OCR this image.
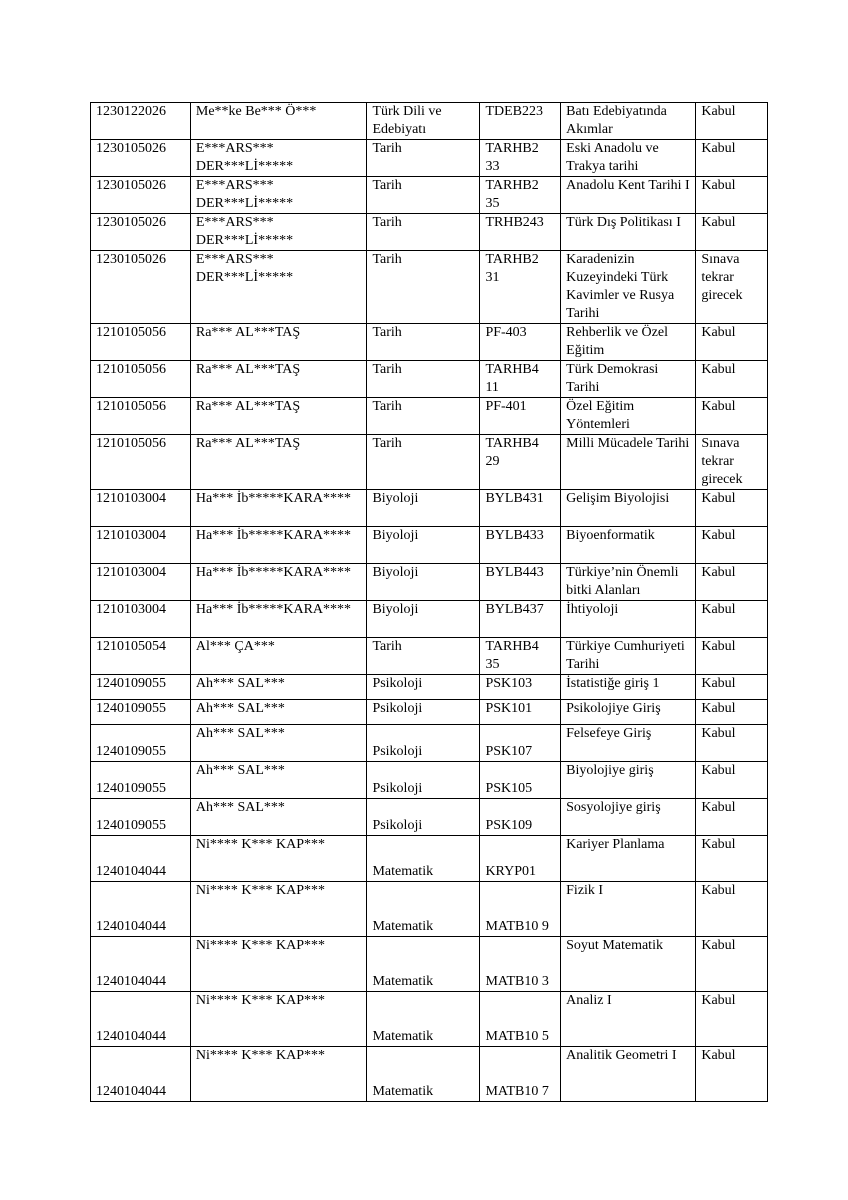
1230122026	Me**ke Be*** Ö***	Türk Dili ve Edebiyatı	TDEB223	Batı Edebiyatında Akımlar	Kabul
1230105026	E***ARS*** DER***Lİ*****	Tarih	TARHB2 33	Eski Anadolu ve Trakya tarihi	Kabul
1230105026	E***ARS*** DER***Lİ*****	Tarih	TARHB2 35	Anadolu Kent Tarihi I	Kabul
1230105026	E***ARS*** DER***Lİ*****	Tarih	TRHB243	Türk Dış Politikası I	Kabul
1230105026	E***ARS*** DER***Lİ*****	Tarih	TARHB2 31	Karadenizin Kuzeyindeki Türk Kavimler ve Rusya Tarihi	Sınava tekrar girecek
1210105056	Ra*** AL***TAŞ	Tarih	PF-403	Rehberlik ve Özel Eğitim	Kabul
1210105056	Ra*** AL***TAŞ	Tarih	TARHB4 11	Türk Demokrasi Tarihi	Kabul
1210105056	Ra*** AL***TAŞ	Tarih	PF-401	Özel Eğitim Yöntemleri	Kabul
1210105056	Ra*** AL***TAŞ	Tarih	TARHB4 29	Milli Mücadele Tarihi	Sınava tekrar girecek
1210103004	Ha*** İb*****KARA****	Biyoloji	BYLB431	Gelişim Biyolojisi	Kabul
1210103004	Ha*** İb*****KARA****	Biyoloji	BYLB433	Biyoenformatik	Kabul
1210103004	Ha*** İb*****KARA****	Biyoloji	BYLB443	Türkiye’nin Önemli bitki Alanları	Kabul
1210103004	Ha*** İb*****KARA****	Biyoloji	BYLB437	İhtiyoloji	Kabul
1210105054	Al*** ÇA***	Tarih	TARHB4 35	Türkiye Cumhuriyeti Tarihi	Kabul
1240109055	Ah*** SAL***	Psikoloji	PSK103	İstatistiğe giriş 1	Kabul
1240109055	Ah*** SAL***	Psikoloji	PSK101	Psikolojiye Giriş	Kabul
1240109055	Ah*** SAL***	Psikoloji	PSK107	Felsefeye Giriş	Kabul
1240109055	Ah*** SAL***	Psikoloji	PSK105	Biyolojiye giriş	Kabul
1240109055	Ah*** SAL***	Psikoloji	PSK109	Sosyolojiye giriş	Kabul
1240104044	Ni**** K*** KAP***	Matematik	KRYP01	Kariyer Planlama	Kabul
1240104044	Ni**** K*** KAP***	Matematik	MATB10 9	Fizik I	Kabul
1240104044	Ni**** K*** KAP***	Matematik	MATB10 3	Soyut Matematik	Kabul
1240104044	Ni**** K*** KAP***	Matematik	MATB10 5	Analiz I	Kabul
1240104044	Ni**** K*** KAP***	Matematik	MATB10 7	Analitik Geometri I	Kabul
